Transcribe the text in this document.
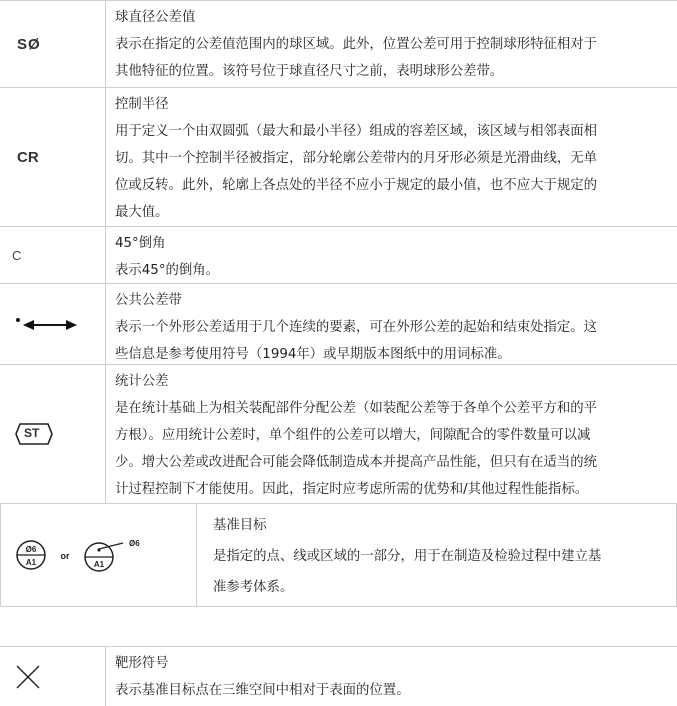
SØ
球直径公差值
表示在指定的公差值范围内的球区域。此外，位置公差可用于控制球形特征相对于
其他特征的位置。该符号位于球直径尺寸之前，表明球形公差带。
CR
控制半径
用于定义一个由双圆弧（最大和最小半径）组成的容差区域，该区域与相邻表面相
切。其中一个控制半径被指定，部分轮廓公差带内的月牙形必须是光滑曲线，无单
位或反转。此外，轮廓上各点处的半径不应小于规定的最小值，也不应大于规定的
最大值。
C
45°倒角
表示45°的倒角。
公共公差带
表示一个外形公差适用于几个连续的要素，可在外形公差的起始和结束处指定。这
些信息是参考使用符号（1994年）或早期版本图纸中的用词标准。
ST
统计公差
是在统计基础上为相关装配部件分配公差（如装配公差等于各单个公差平方和的平
方根）。应用统计公差时，单个组件的公差可以增大，间隙配合的零件数量可以减
少。增大公差或改进配合可能会降低制造成本并提高产品性能，但只有在适当的统
计过程控制下才能使用。因此，指定时应考虑所需的优势和/其他过程性能指标。
Ø6
A1
or
Ø6
A1
基准目标
是指定的点、线或区域的一部分，用于在制造及检验过程中建立基
准参考体系。
靶形符号
表示基准目标点在三维空间中相对于表面的位置。
